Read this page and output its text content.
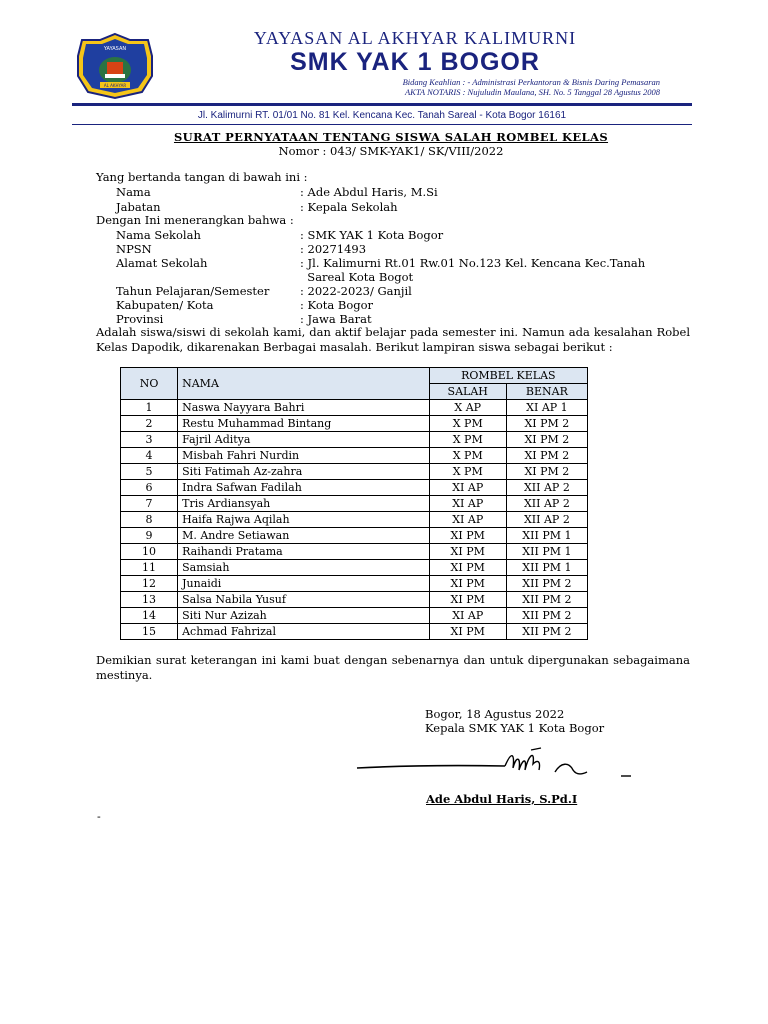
YAYASAN
AL AKHYAR
YAYASAN AL AKHYAR KALIMURNI
SMK YAK 1 BOGOR
Bidang Keahlian : - Administrasi Perkantoran & Bisnis Daring Pemasaran
AKTA NOTARIS : Nujuludin Maulana, SH. No. 5 Tanggal 28 Agustus 2008
Jl. Kalimurni RT. 01/01 No. 81 Kel. Kencana Kec. Tanah Sareal - Kota Bogor 16161
SURAT PERNYATAAN TENTANG SISWA SALAH ROMBEL KELAS
Nomor : 043/ SMK-YAK1/ SK/VIII/2022
Yang bertanda tangan di bawah ini :
Nama	: Ade Abdul Haris, M.Si
Jabatan	: Kepala Sekolah
Dengan Ini menerangkan bahwa :
Nama Sekolah	: SMK YAK 1 Kota Bogor
NPSN	: 20271493
Alamat Sekolah	: Jl. Kalimurni Rt.01 Rw.01 No.123 Kel. Kencana Kec.Tanah
Sareal Kota Bogot
Tahun Pelajaran/Semester	: 2022-2023/ Ganjil
Kabupaten/ Kota	: Kota Bogor
Provinsi	: Jawa Barat
Adalah siswa/siswi di sekolah kami, dan aktif belajar pada semester ini. Namun ada kesalahan Robel Kelas Dapodik, dikarenakan Berbagai masalah. Berikut lampiran siswa sebagai berikut :
NO	NAMA	ROMBEL KELAS	
		SALAH	BENAR
1	Naswa Nayyara Bahri	X AP	XI AP 1
2	Restu Muhammad Bintang	X PM	XI PM 2
3	Fajril Aditya	X PM	XI PM 2
4	Misbah Fahri Nurdin	X PM	XI PM 2
5	Siti Fatimah Az-zahra	X PM	XI PM 2
6	Indra Safwan Fadilah	XI AP	XII AP 2
7	Tris Ardiansyah	XI AP	XII AP 2
8	Haifa Rajwa Aqilah	XI AP	XII AP 2
9	M. Andre Setiawan	XI PM	XII PM 1
10	Raihandi Pratama	XI PM	XII PM 1
11	Samsiah	XI PM	XII PM 1
12	Junaidi	XI PM	XII PM 2
13	Salsa Nabila Yusuf	XI PM	XII PM 2
14	Siti Nur Azizah	XI AP	XII PM 2
15	Achmad Fahrizal	XI PM	XII PM 2
Demikian surat keterangan ini kami buat dengan sebenarnya dan untuk dipergunakan sebagaimana mestinya.
Bogor, 18 Agustus 2022
Kepala SMK YAK 1 Kota Bogor
Ade Abdul Haris, S.Pd.I
-
